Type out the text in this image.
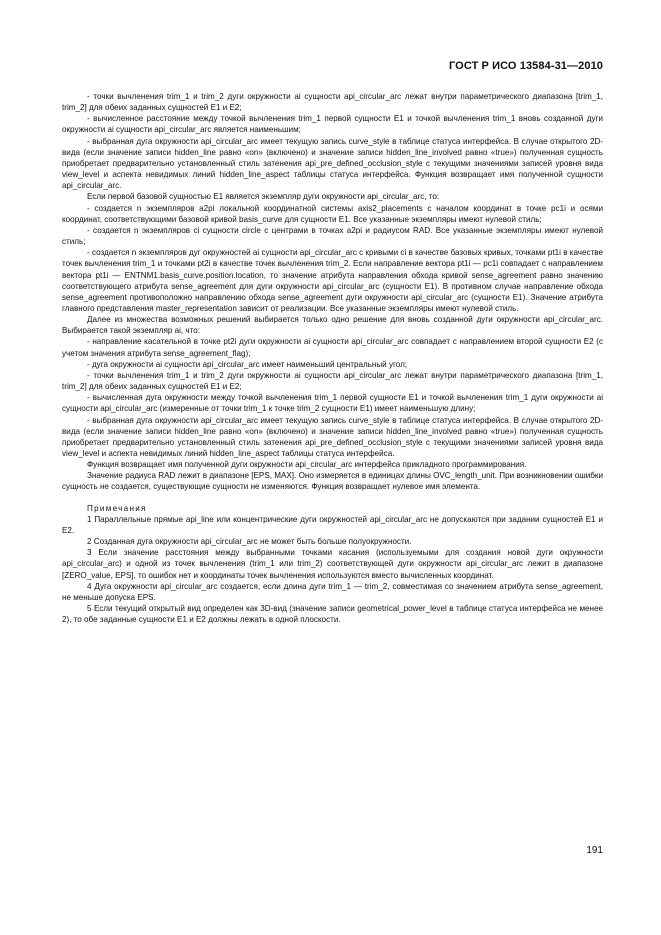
ГОСТ Р ИСО 13584-31—2010

- точки вычленения trim_1 и trim_2 дуги окружности ai сущности api_circular_arc лежат внутри параметрического диапазона [trim_1, trim_2] для обеих заданных сущностей E1 и E2;

- вычисленное расстояние между точкой вычленения trim_1 первой сущности E1 и точкой вычленения trim_1 вновь созданной дуги окружности ai сущности api_circular_arc является наименьшим;

- выбранная дуга окружности api_circular_arc имеет текущую запись curve_style в таблице статуса интерфейса. В случае открытого 2D-вида (если значение записи hidden_line равно «on» (включено) и значение записи hidden_line_involved равно «true») полученная сущность приобретает предварительно установленный стиль затенения api_pre_defined_occlusion_style с текущими значениями записей уровня вида view_level и аспекта невидимых линий hidden_line_aspect таблицы статуса интерфейса. Функция возвращает имя полученной сущности api_circular_arc.

Если первой базовой сущностью E1 является экземпляр дуги окружности api_circular_arc, то:

- создается n экземпляров a2pi локальной координатной системы axis2_placements с началом координат в точке pc1i и осями координат, соответствующими базовой кривой basis_curve для сущности E1. Все указанные экземпляры имеют нулевой стиль;

- создается n экземпляров ci сущности circle с центрами в точках a2pi и радиусом RAD. Все указанные экземпляры имеют нулевой стиль;

- создается n экземпляров дуг окружностей ai сущности api_circular_arc с кривыми ci в качестве базовых кривых, точками pt1i в качестве точек вычленения trim_1 и точками pt2i в качестве точек вычленения trim_2. Если направление вектора pt1i — pc1i совпадает с направлением вектора pt1i — ENTNM1.basis_curve.position.location, то значение атрибута направления обхода кривой sense_agreement равно значению соответствующего атрибута sense_agreement для дуги окружности api_circular_arc (сущности E1). В противном случае направление обхода sense_agreement противоположно направлению обхода sense_agreement дуги окружности api_circular_arc (сущности E1). Значение атрибута главного представления master_representation зависит от реализации. Все указанные экземпляры имеют нулевой стиль.

Далее из множества возможных решений выбирается только одно решение для вновь созданной дуги окружности api_circular_arc. Выбирается такой экземпляр ai, что:

- направление касательной в точке pt2i дуги окружности ai сущности api_circular_arc совпадает с направлением второй сущности E2 (с учетом значения атрибута sense_agreement_flag);

- дуга окружности ai сущности api_circular_arc имеет наименьший центральный угол;

- точки вычленения trim_1 и trim_2 дуги окружности ai сущности api_circular_arc лежат внутри параметрического диапазона [trim_1, trim_2] для обеих заданных сущностей E1 и E2;

- вычисленная дуга окружности между точкой вычленения trim_1 первой сущности E1 и точкой вычленения trim_1 дуги окружности ai сущности api_circular_arc (измеренные от точки trim_1 к точке trim_2 сущности E1) имеет наименьшую длину;

- выбранная дуга окружности api_circular_arc имеет текущую запись curve_style в таблице статуса интерфейса. В случае открытого 2D-вида (если значение записи hidden_line равно «on» (включено) и значение записи hidden_line_involved равно «true») полученная сущность приобретает предварительно установленный стиль затенения api_pre_defined_occlusion_style с текущими значениями записей уровня вида view_level и аспекта невидимых линий hidden_line_aspect таблицы статуса интерфейса.

Функция возвращает имя полученной дуги окружности api_circular_arc интерфейса прикладного программирования.

Значение радиуса RAD лежит в диапазоне [EPS, MAX]. Оно измеряется в единицах длины OVC_length_unit. При возникновении ошибки сущность не создается, существующие сущности не изменяются. Функция возвращает нулевое имя элемента.

Примечания

1 Параллельные прямые api_line или концентрические дуги окружностей api_circular_arc не допускаются при задании сущностей E1 и E2.

2 Созданная дуга окружности api_circular_arc не может быть больше полуокружности.

3 Если значение расстояния между выбранными точками касания (используемыми для создания новой дуги окружности api_circular_arc) и одной из точек вычленения (trim_1 или trim_2) соответствующей дуги окружности api_circular_arc лежит в диапазоне [ZERO_value, EPS], то ошибок нет и координаты точек вычленения используются вместо вычисленных координат.

4 Дуга окружности api_circular_arc создается, если длина дуги trim_1 — trim_2, совместимая со значением атрибута sense_agreement, не меньше допуска EPS.

5 Если текущий открытый вид определен как 3D-вид (значение записи geometrical_power_level в таблице статуса интерфейса не менее 2), то обе заданные сущности E1 и E2 должны лежать в одной плоскости.

191
